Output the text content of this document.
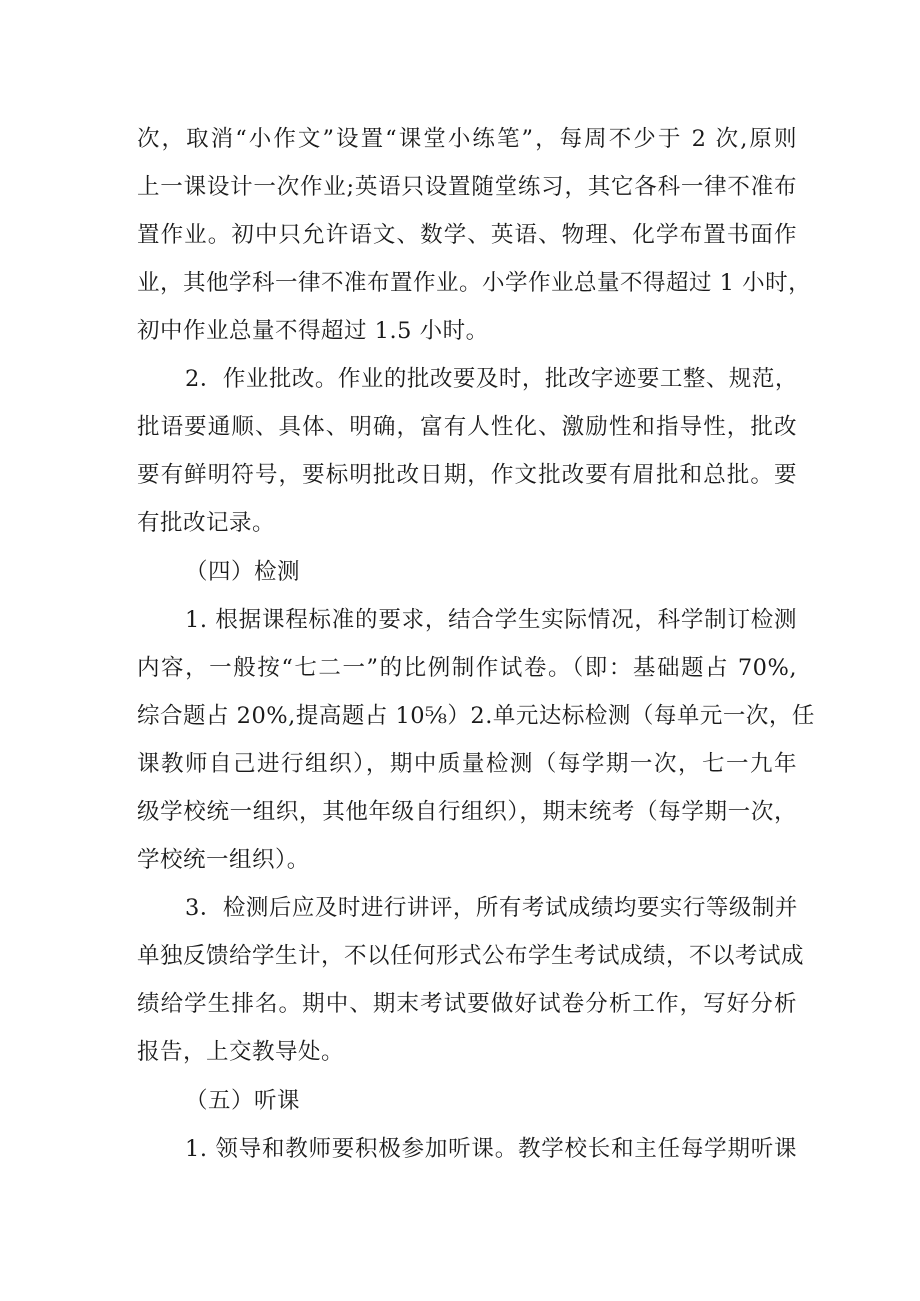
次，取消“小作文”设置“课堂小练笔”，每周不少于 2 次,原则
上一课设计一次作业;英语只设置随堂练习，其它各科一律不准布
置作业。初中只允许语文、数学、英语、物理、化学布置书面作
业，其他学科一律不准布置作业。小学作业总量不得超过 1 小时，
初中作业总量不得超过 1.5 小时。
2．作业批改。作业的批改要及时，批改字迹要工整、规范，
批语要通顺、具体、明确，富有人性化、激励性和指导性，批改
要有鲜明符号，要标明批改日期，作文批改要有眉批和总批。要
有批改记录。
（四）检测
1. 根据课程标准的要求，结合学生实际情况，科学制订检测
内容，一般按“七二一”的比例制作试卷。（即：基础题占 70%,
综合题占 20%,提高题占 10⅝）2.单元达标检测（每单元一次，任
课教师自己进行组织），期中质量检测（每学期一次，七一九年
级学校统一组织，其他年级自行组织），期末统考（每学期一次，
学校统一组织）。
3．检测后应及时进行讲评，所有考试成绩均要实行等级制并
单独反馈给学生计，不以任何形式公布学生考试成绩，不以考试成
绩给学生排名。期中、期末考试要做好试卷分析工作，写好分析
报告，上交教导处。
（五）听课
1. 领导和教师要积极参加听课。教学校长和主任每学期听课
